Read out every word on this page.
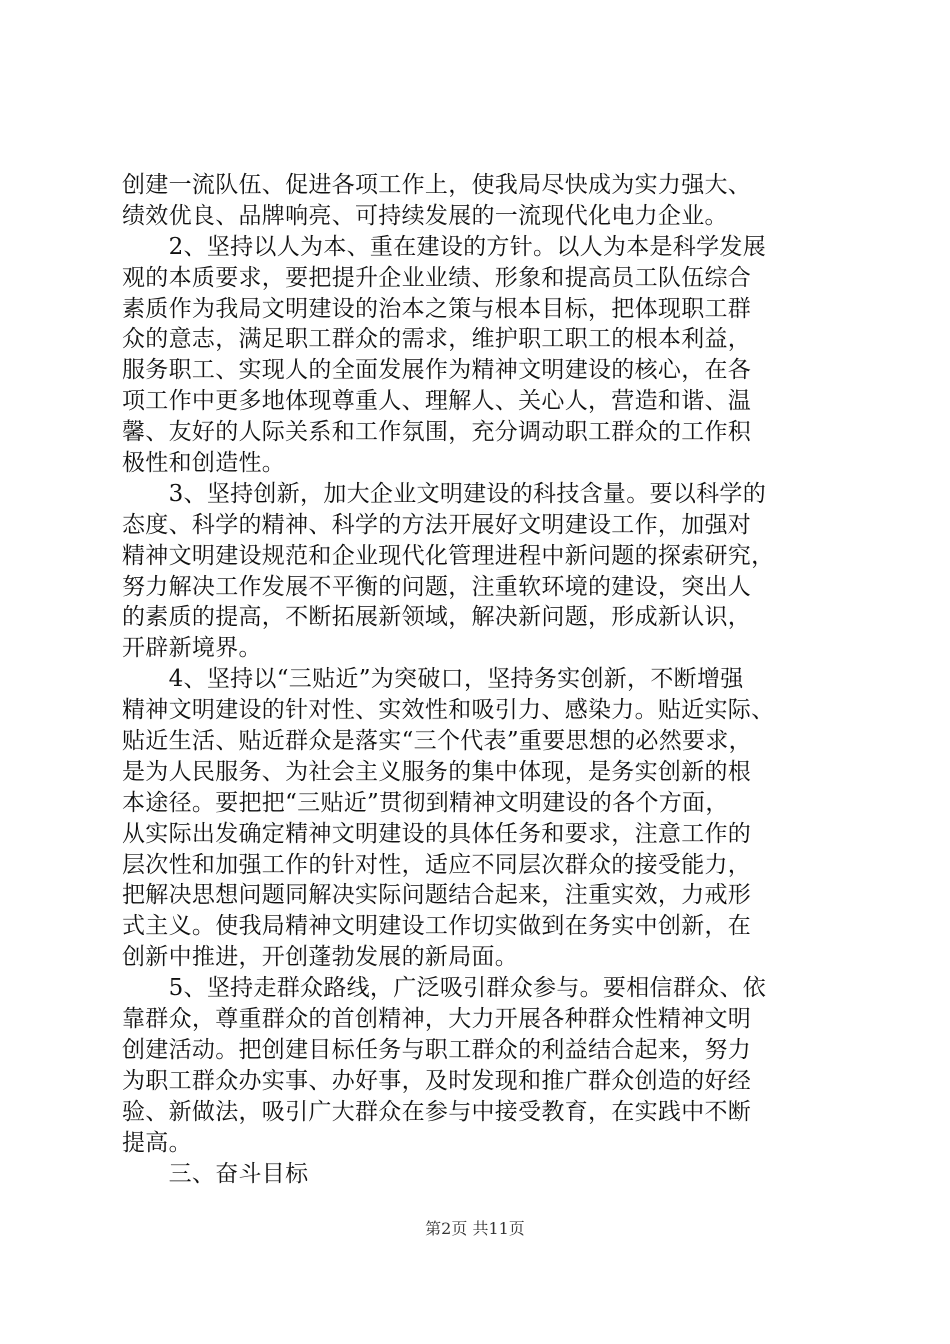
创建一流队伍、促进各项工作上，使我局尽快成为实力强大、
绩效优良、品牌响亮、可持续发展的一流现代化电力企业。
　　2、坚持以人为本、重在建设的方针。以人为本是科学发展
观的本质要求，要把提升企业业绩、形象和提高员工队伍综合
素质作为我局文明建设的治本之策与根本目标，把体现职工群
众的意志，满足职工群众的需求，维护职工职工的根本利益，
服务职工、实现人的全面发展作为精神文明建设的核心，在各
项工作中更多地体现尊重人、理解人、关心人，营造和谐、温
馨、友好的人际关系和工作氛围，充分调动职工群众的工作积
极性和创造性。
　　3、坚持创新，加大企业文明建设的科技含量。要以科学的
态度、科学的精神、科学的方法开展好文明建设工作，加强对
精神文明建设规范和企业现代化管理进程中新问题的探索研究，
努力解决工作发展不平衡的问题，注重软环境的建设，突出人
的素质的提高，不断拓展新领域，解决新问题，形成新认识，
开辟新境界。
　　4、坚持以“三贴近”为突破口，坚持务实创新，不断增强
精神文明建设的针对性、实效性和吸引力、感染力。贴近实际、
贴近生活、贴近群众是落实“三个代表”重要思想的必然要求，
是为人民服务、为社会主义服务的集中体现，是务实创新的根
本途径。要把把“三贴近”贯彻到精神文明建设的各个方面，
从实际出发确定精神文明建设的具体任务和要求，注意工作的
层次性和加强工作的针对性，适应不同层次群众的接受能力，
把解决思想问题同解决实际问题结合起来，注重实效，力戒形
式主义。使我局精神文明建设工作切实做到在务实中创新，在
创新中推进，开创蓬勃发展的新局面。
　　5、坚持走群众路线，广泛吸引群众参与。要相信群众、依
靠群众，尊重群众的首创精神，大力开展各种群众性精神文明
创建活动。把创建目标任务与职工群众的利益结合起来，努力
为职工群众办实事、办好事，及时发现和推广群众创造的好经
验、新做法，吸引广大群众在参与中接受教育，在实践中不断
提高。
　　三、奋斗目标
第2页 共11页
